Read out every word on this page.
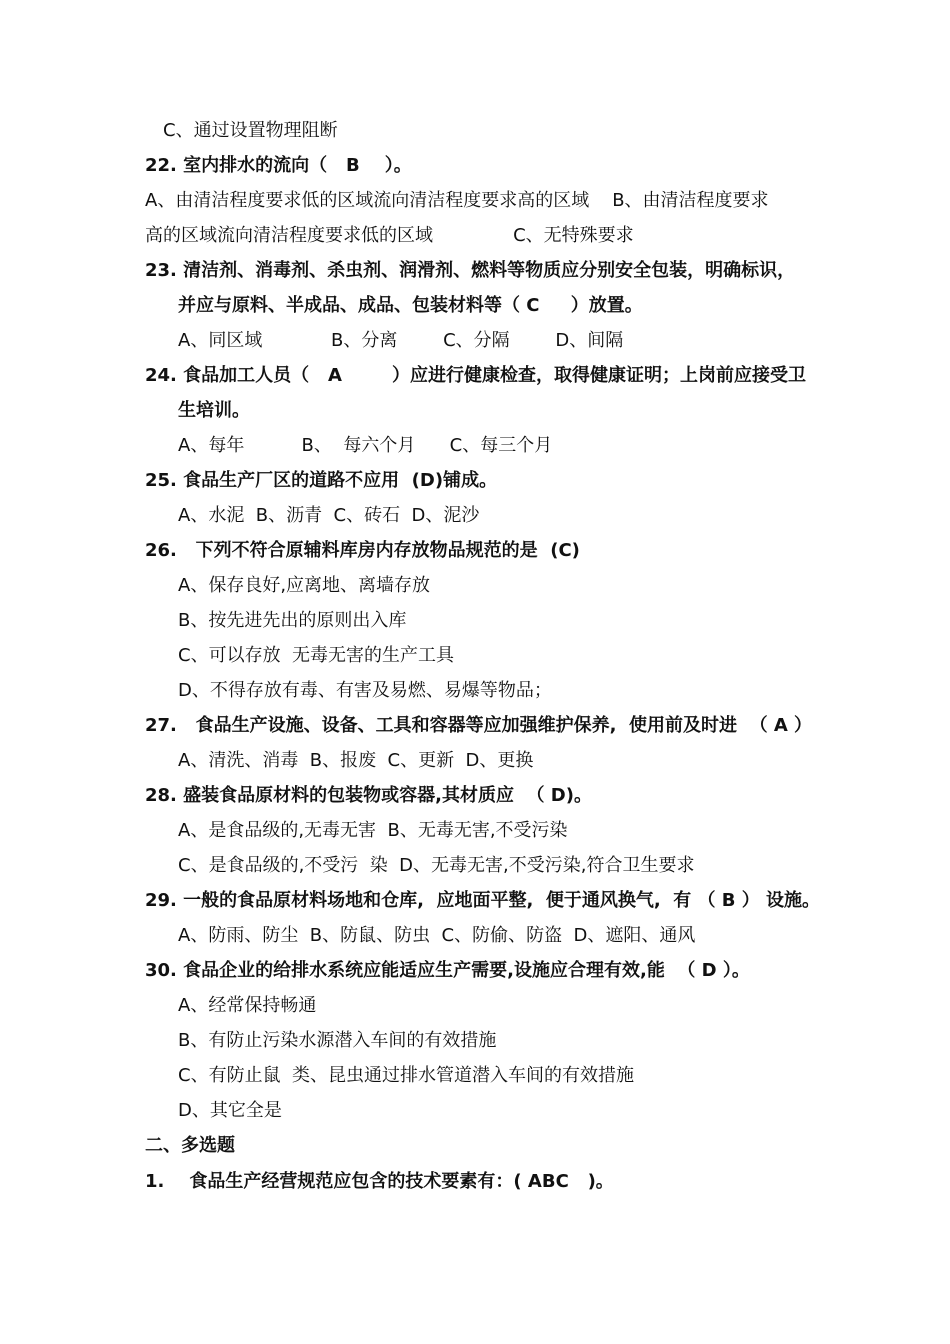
C、通过设置物理阻断
22. 室内排水的流向（   B    ）。
A、由清洁程度要求低的区域流向清洁程度要求高的区域    B、由清洁程度要求
高的区域流向清洁程度要求低的区域              C、无特殊要求
23. 清洁剂、消毒剂、杀虫剂、润滑剂、燃料等物质应分别安全包装，明确标识，
并应与原料、半成品、成品、包装材料等（ C     ）放置。
A、同区域            B、分离        C、分隔        D、间隔
24. 食品加工人员（   A        ）应进行健康检查，取得健康证明；上岗前应接受卫
生培训。
A、每年          B、  每六个月      C、每三个月
25. 食品生产厂区的道路不应用  (D)铺成。
A、水泥  B、沥青  C、砖石  D、泥沙
26.   下列不符合原辅料库房内存放物品规范的是  (C)
A、保存良好,应离地、离墙存放
B、按先进先出的原则出入库
C、可以存放  无毒无害的生产工具
D、不得存放有毒、有害及易燃、易爆等物品；
27.   食品生产设施、设备、工具和容器等应加强维护保养,  使用前及时进  （ A ）
A、清洗、消毒  B、报废  C、更新  D、更换
28. 盛装食品原材料的包装物或容器,其材质应  （ D)。
A、是食品级的,无毒无害  B、无毒无害,不受污染
C、是食品级的,不受污  染  D、无毒无害,不受污染,符合卫生要求
29. 一般的食品原材料场地和仓库,  应地面平整,  便于通风换气,  有 （ B ） 设施。
A、防雨、防尘  B、防鼠、防虫  C、防偷、防盗  D、遮阳、通风
30. 食品企业的给排水系统应能适应生产需要,设施应合理有效,能  （ D ）。
A、经常保持畅通
B、有防止污染水源潜入车间的有效措施
C、有防止鼠  类、昆虫通过排水管道潜入车间的有效措施
D、其它全是
二、多选题
1.    食品生产经营规范应包含的技术要素有：( ABC   )。
